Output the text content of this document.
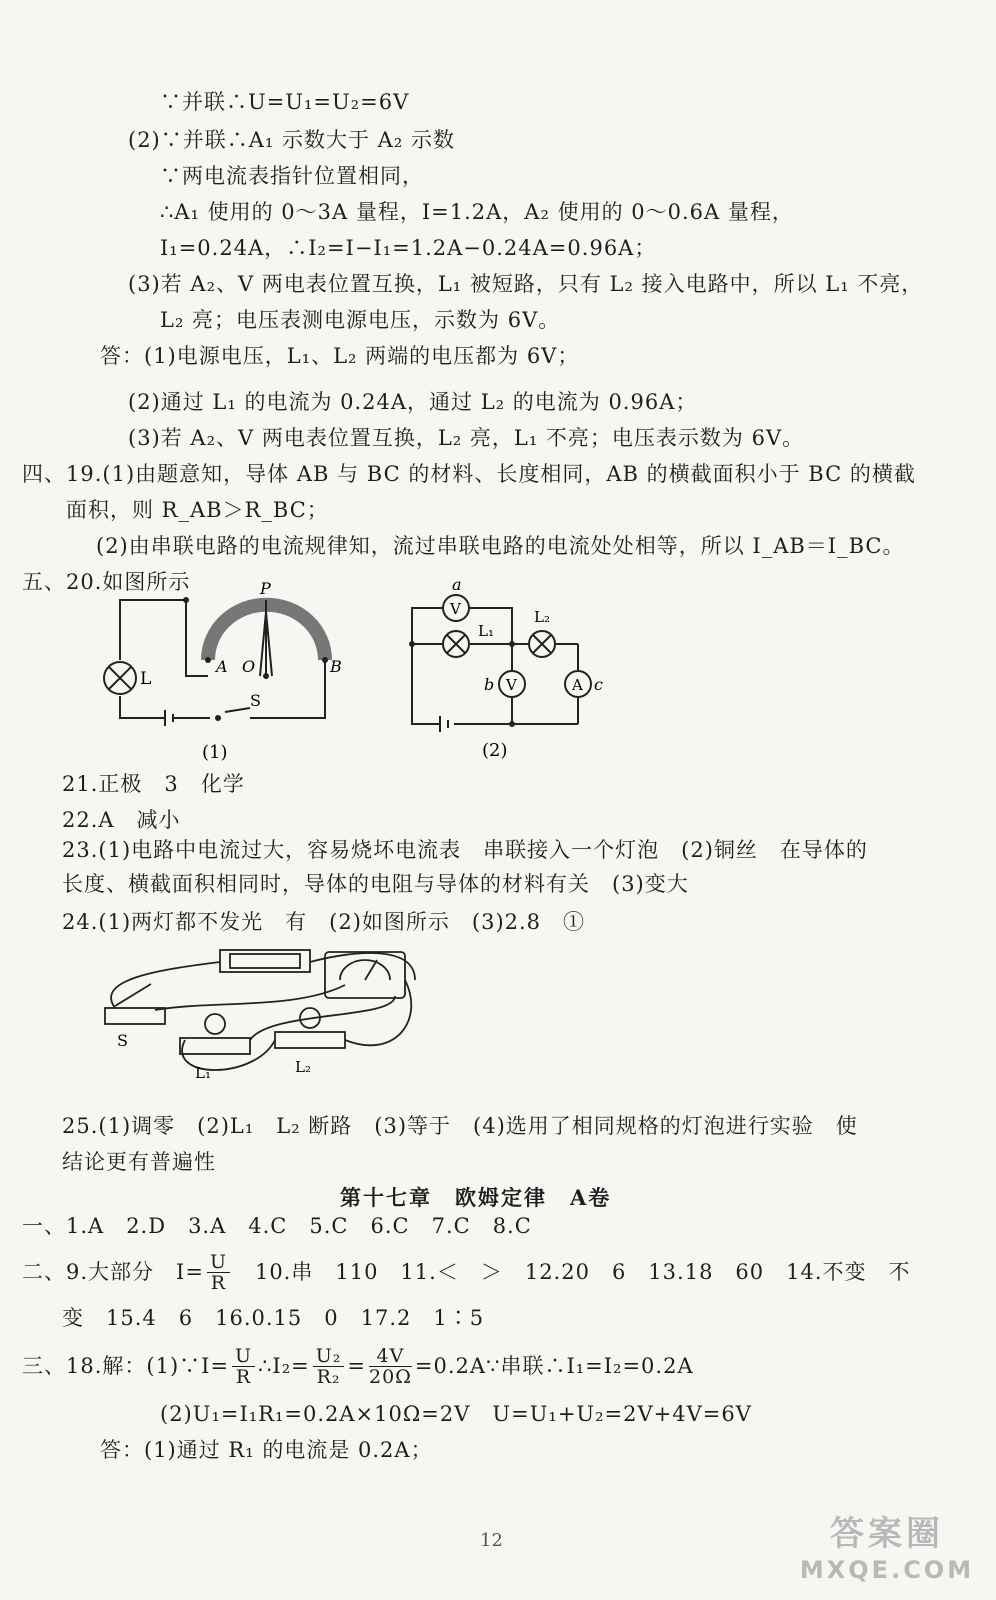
∵并联∴U=U₁=U₂=6V
(2)∵并联∴A₁ 示数大于 A₂ 示数
∵两电流表指针位置相同，
∴A₁ 使用的 0～3A 量程，I=1.2A，A₂ 使用的 0～0.6A 量程，
I₁=0.24A，∴I₂=I−I₁=1.2A−0.24A=0.96A；
(3)若 A₂、V 两电表位置互换，L₁ 被短路，只有 L₂ 接入电路中，所以 L₁ 不亮，
L₂ 亮；电压表测电源电压，示数为 6V。
答：(1)电源电压，L₁、L₂ 两端的电压都为 6V；
(2)通过 L₁ 的电流为 0.24A，通过 L₂ 的电流为 0.96A；
(3)若 A₂、V 两电表位置互换，L₂ 亮，L₁ 不亮；电压表示数为 6V。
四、19.(1)由题意知，导体 AB 与 BC 的材料、长度相同，AB 的横截面积小于 BC 的横截
面积，则 R_AB＞R_BC；
(2)由串联电路的电流规律知，流过串联电路的电流处处相等，所以 I_AB＝I_BC。
五、20.如图所示
L
P
A O	B
S
(1)
V
V	A
a
b	c
L₁
L₂
(2)
21.正极　3　化学
22.A　减小
23.(1)电路中电流过大，容易烧坏电流表　串联接入一个灯泡　(2)铜丝　在导体的
长度、横截面积相同时，导体的电阻与导体的材料有关　(3)变大
24.(1)两灯都不发光　有　(2)如图所示　(3)2.8　①
S
L₁	L₂
25.(1)调零　(2)L₁　L₂ 断路　(3)等于　(4)选用了相同规格的灯泡进行实验　使
结论更有普遍性
第十七章　欧姆定律　A卷
一、1.A　2.D　3.A　4.C　5.C　6.C　7.C　8.C
二、9.大部分　$I= \frac{U}{R}$ 　10.串　110　11.＜　＞　12.20　6　13.18　60　14.不变　不
变　15.4　6　16.0.15　0　17.2　1∶5
三、18.解：(1)∵I= $\frac{U}{R}$ ∴I₂= $\frac{\text{U₂}}{\text{R₂}} = \frac{4V}{20\Omega}$ =0.2A∵串联∴I₁=I₂=0.2A
(2)U₁=I₁R₁=0.2A×10Ω=2V　U=U₁+U₂=2V+4V=6V
答：(1)通过 R₁ 的电流是 0.2A；
12	答案圈
MXQE.COM
